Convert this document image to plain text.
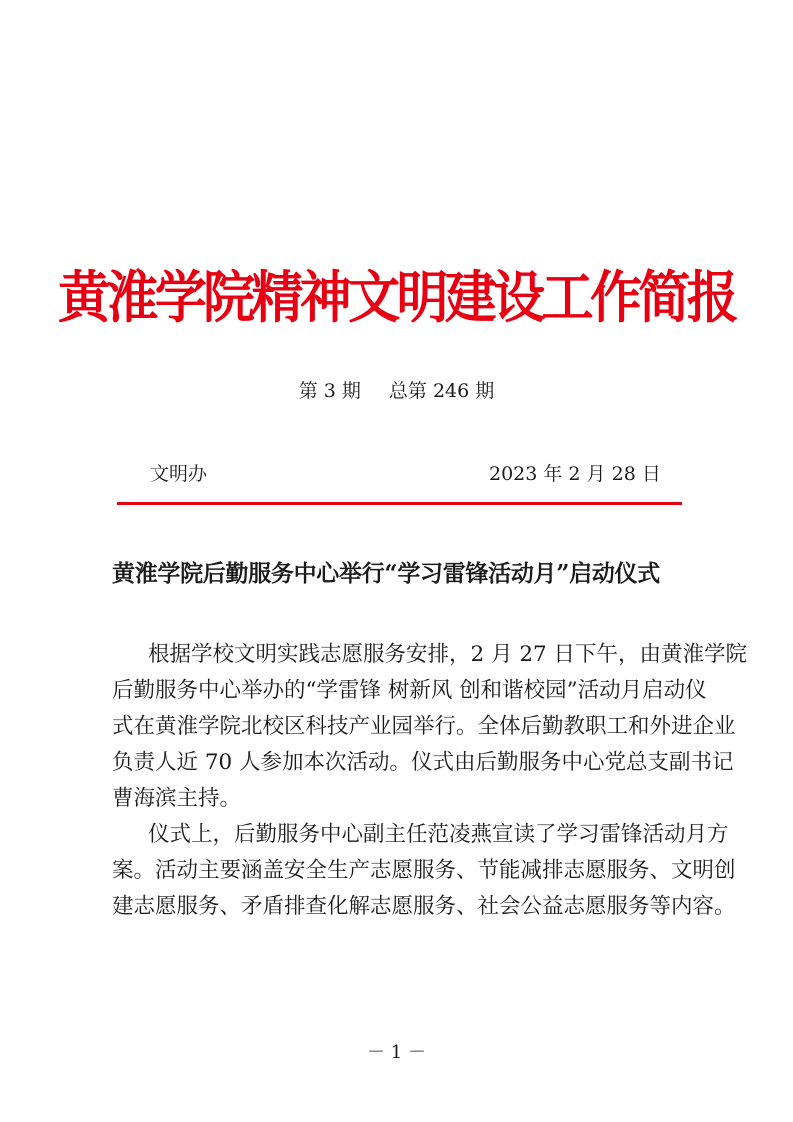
黄淮学院精神文明建设工作简报
第 3 期 总第 246 期
文明办	2023 年 2 月 28 日
黄淮学院后勤服务中心举行“学习雷锋活动月”启动仪式
根据学校文明实践志愿服务安排，2 月 27 日下午，由黄淮学院
后勤服务中心举办的“学雷锋 树新风 创和谐校园”活动月启动仪
式在黄淮学院北校区科技产业园举行。全体后勤教职工和外进企业
负责人近 70 人参加本次活动。仪式由后勤服务中心党总支副书记
曹海滨主持。
仪式上，后勤服务中心副主任范凌燕宣读了学习雷锋活动月方
案。活动主要涵盖安全生产志愿服务、节能减排志愿服务、文明创
建志愿服务、矛盾排查化解志愿服务、社会公益志愿服务等内容。
－ 1 －
